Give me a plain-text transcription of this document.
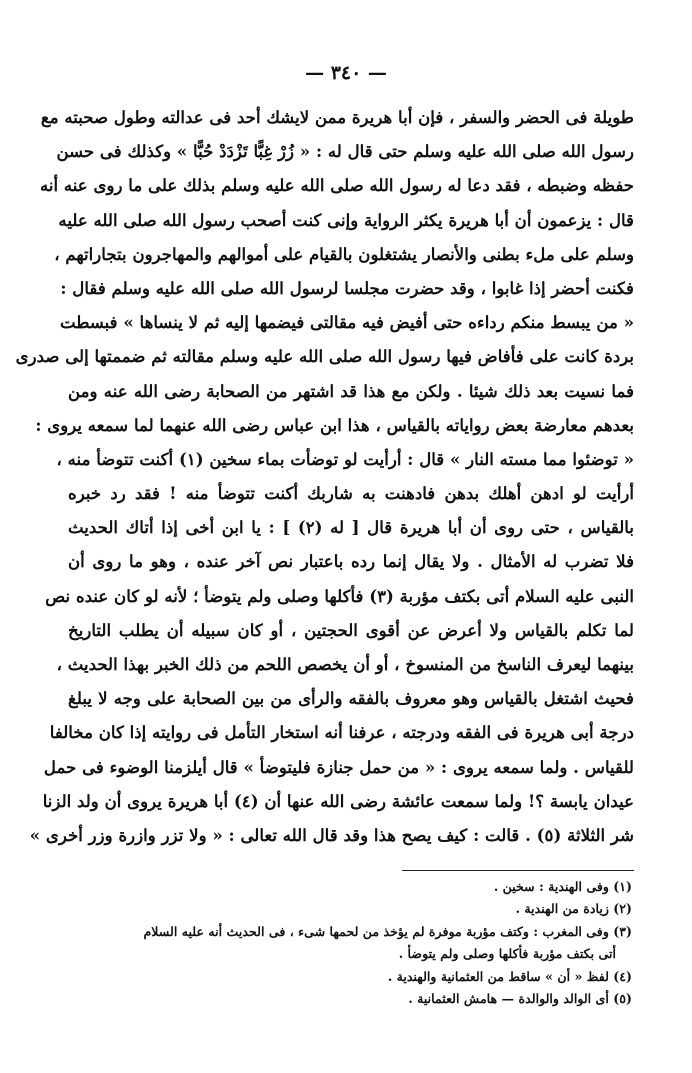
— ٣٤٠ —
طويلة فى الحضر والسفر ، فإن أبا هريرة ممن لايشك أحد فى عدالته وطول صحبته مع
رسول الله صلى الله عليه وسلم حتى قال له : « زُرْ غِبًّا تَزْدَدْ حُبًّا » وكذلك فى حسن
حفظه وضبطه ، فقد دعا له رسول الله صلى الله عليه وسلم بذلك على ما روى عنه أنه
قال : يزعمون أن أبا هريرة يكثر الرواية وإنى كنت أصحب رسول الله صلى الله عليه
وسلم على ملء بطنى والأنصار يشتغلون بالقيام على أموالهم والمهاجرون بتجاراتهم ،
فكنت أحضر إذا غابوا ، وقد حضرت مجلسا لرسول الله صلى الله عليه وسلم فقال :
« من يبسط منكم رداءه حتى أفيض فيه مقالتى فيضمها إليه ثم لا ينساها » فبسطت
بردة كانت على فأفاض فيها رسول الله صلى الله عليه وسلم مقالته ثم ضممتها إلى صدرى
فما نسيت بعد ذلك شيئا . ولكن مع هذا قد اشتهر من الصحابة رضى الله عنه ومن
بعدهم معارضة بعض رواياته بالقياس ، هذا ابن عباس رضى الله عنهما لما سمعه يروى :
« توضئوا مما مسته النار » قال : أرأيت لو توضأت بماء سخين (١) أكنت تتوضأ منه ،
أرأيت لو ادهن أهلك بدهن فادهنت به شاربك أكنت تتوضأ منه ! فقد رد خبره
بالقياس ، حتى روى أن أبا هريرة قال [ له (٢) ] : يا ابن أخى إذا أتاك الحديث
فلا تضرب له الأمثال . ولا يقال إنما رده باعتبار نص آخر عنده ، وهو ما روى أن
النبى عليه السلام أتى بكتف مؤربة (٣) فأكلها وصلى ولم يتوضأ ؛ لأنه لو كان عنده نص
لما تكلم بالقياس ولا أعرض عن أقوى الحجتين ، أو كان سبيله أن يطلب التاريخ
بينهما ليعرف الناسخ من المنسوخ ، أو أن يخصص اللحم من ذلك الخبر بهذا الحديث ،
فحيث اشتغل بالقياس وهو معروف بالفقه والرأى من بين الصحابة على وجه لا يبلغ
درجة أبى هريرة فى الفقه ودرجته ، عرفنا أنه استخار التأمل فى روايته إذا كان مخالفا
للقياس . ولما سمعه يروى : « من حمل جنازة فليتوضأ » قال أيلزمنا الوضوء فى حمل
عيدان يابسة ؟! ولما سمعت عائشة رضى الله عنها أن (٤) أبا هريرة يروى أن ولد الزنا
شر الثلاثة (٥) . قالت : كيف يصح هذا وقد قال الله تعالى : « ولا تزر وازرة وزر أخرى »
(١) وفى الهندية : سخين .
(٢) زيادة من الهندية .
(٣) وفى المغرب : وكتف مؤربة موفرة لم يؤخذ من لحمها شىء ، فى الحديث أنه عليه السلام
أتى بكتف مؤربة فأكلها وصلى ولم يتوضأ .
(٤) لفظ « أن » ساقط من العثمانية والهندية .
(٥) أى الوالد والوالدة — هامش العثمانية .
